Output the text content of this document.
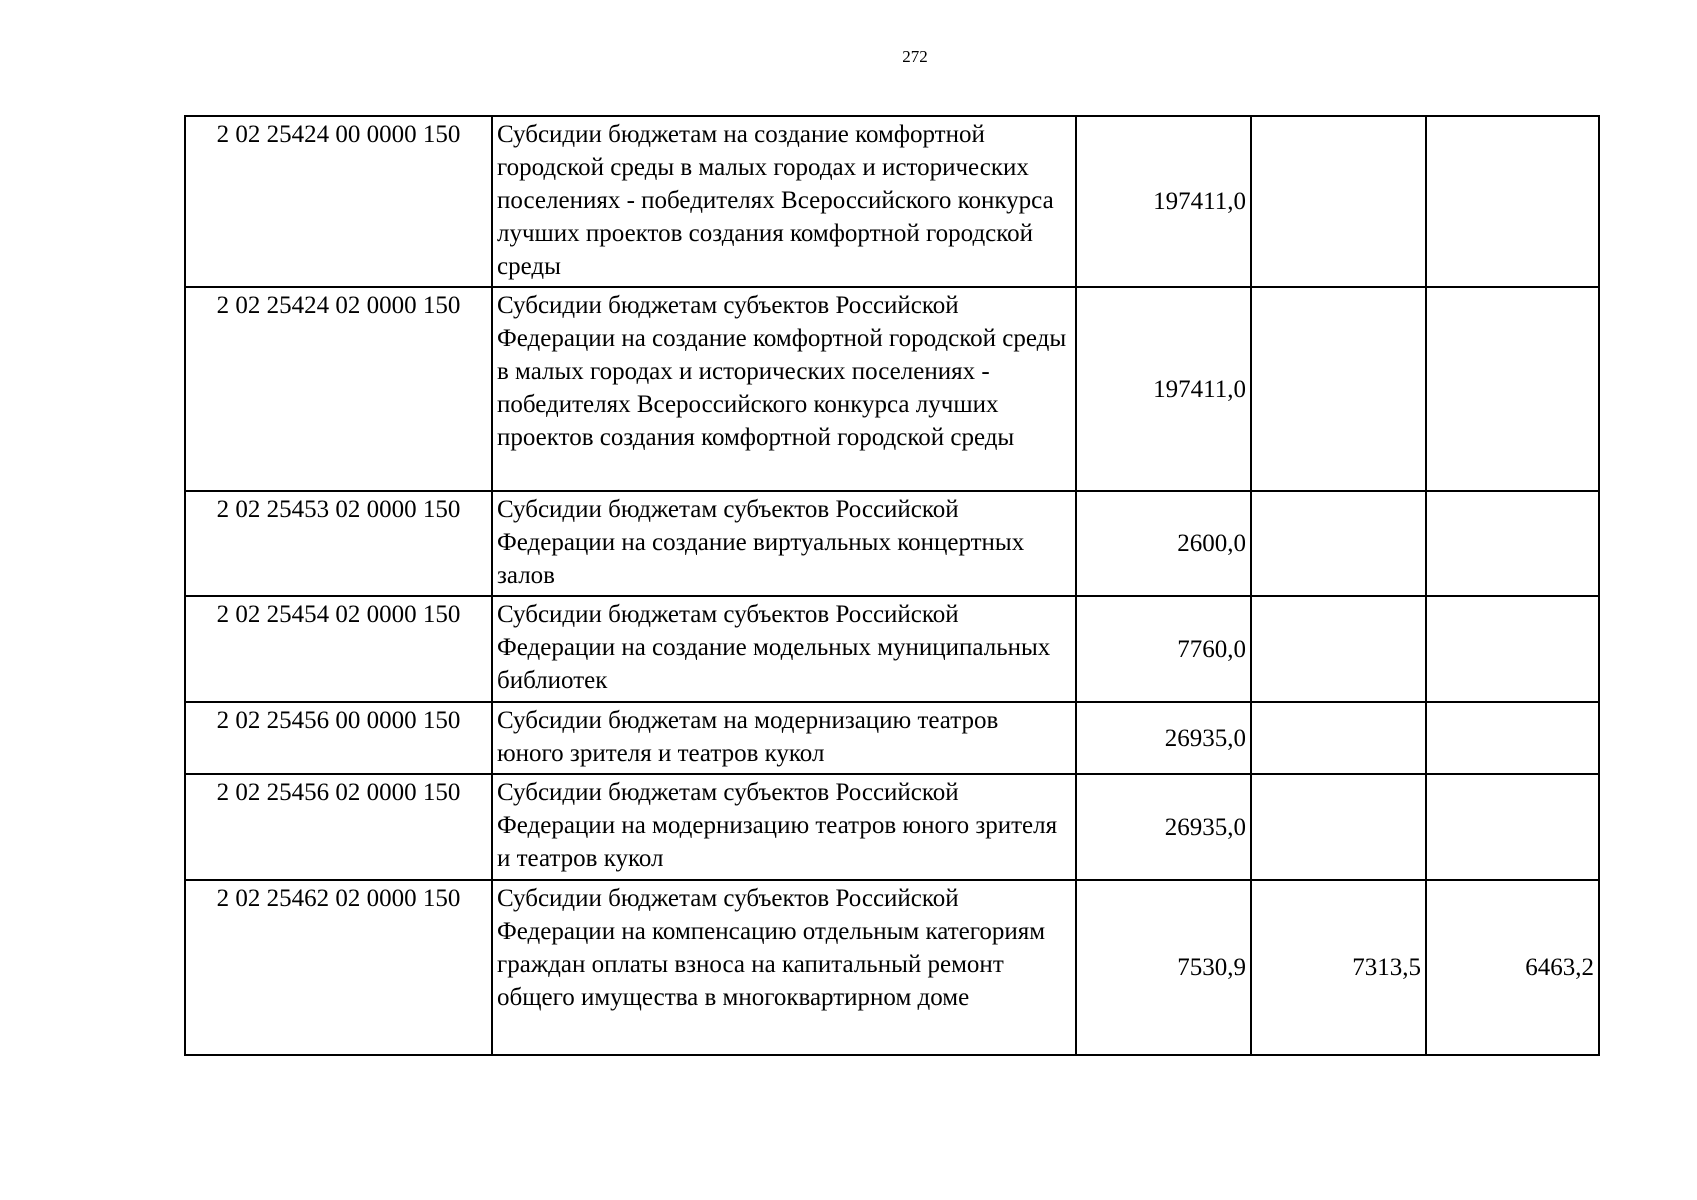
272
2 02 25424 00 0000 150	Субсидии бюджетам на создание комфортной городской среды в малых городах и исторических поселениях - победителях Всероссийского конкурса лучших проектов создания комфортной городской среды	197411,0		
2 02 25424 02 0000 150	Субсидии бюджетам субъектов Российской Федерации на создание комфортной городской среды в малых городах и исторических поселениях - победителях Всероссийского конкурса лучших проектов создания комфортной городской среды	197411,0		
2 02 25453 02 0000 150	Субсидии бюджетам субъектов Российской Федерации на создание виртуальных концертных залов	2600,0		
2 02 25454 02 0000 150	Субсидии бюджетам субъектов Российской Федерации на создание модельных муниципальных библиотек	7760,0		
2 02 25456 00 0000 150	Субсидии бюджетам на модернизацию театров юного зрителя и театров кукол	26935,0		
2 02 25456 02 0000 150	Субсидии бюджетам субъектов Российской Федерации на модернизацию театров юного зрителя и театров кукол	26935,0		
2 02 25462 02 0000 150	Субсидии бюджетам субъектов Российской Федерации на компенсацию отдельным категориям граждан оплаты взноса на капитальный ремонт общего имущества в многоквартирном доме	7530,9	7313,5	6463,2
